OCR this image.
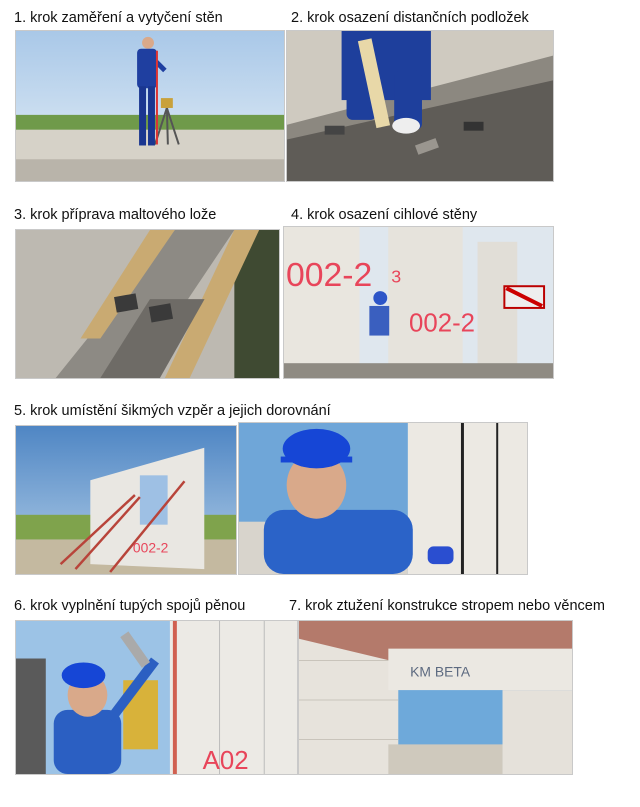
1. krok zaměření a vytyčení stěn	2. krok osazení distančních podložek
3. krok příprava maltového lože	4. krok osazení cihlové stěny
5. krok umístění šikmých vzpěr a jejich dorovnání
6. krok vyplnění tupých spojů pěnou	7. krok ztužení konstrukce stropem nebo věncem
002-2 3
002-2
002-2
A02
KM BETA
